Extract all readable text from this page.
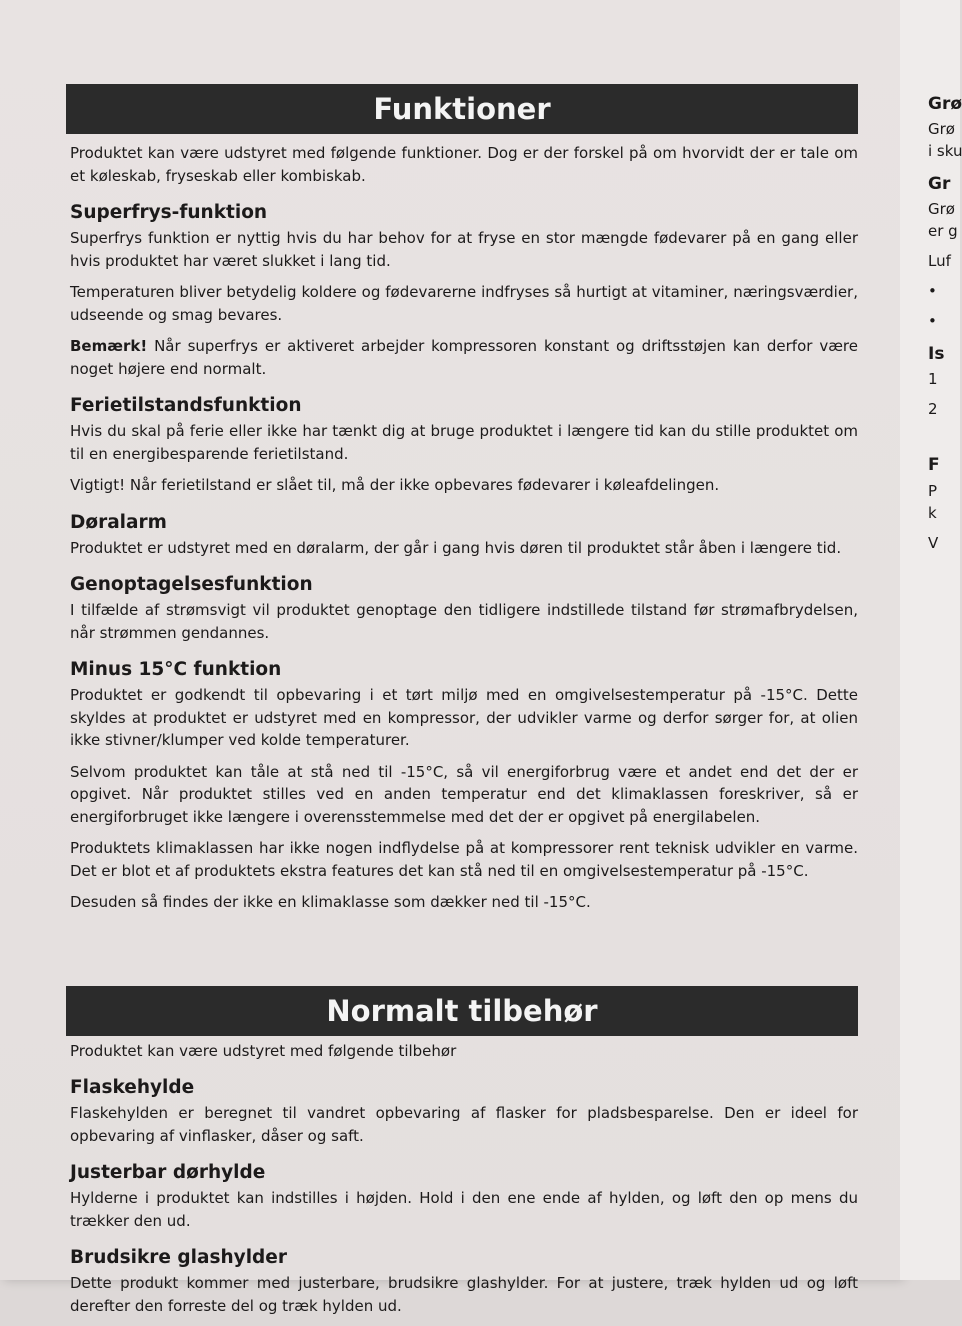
Funktioner

Produktet kan være udstyret med følgende funktioner. Dog er der forskel på om hvorvidt der er tale om et køleskab, fryseskab eller kombiskab.

Superfrys-funktion

Superfrys funktion er nyttig hvis du har behov for at fryse en stor mængde fødevarer på en gang eller hvis produktet har været slukket i lang tid.

Temperaturen bliver betydelig koldere og fødevarerne indfryses så hurtigt at vitaminer, næringsværdier, udseende og smag bevares.

Bemærk! Når superfrys er aktiveret arbejder kompressoren konstant og driftsstøjen kan derfor være noget højere end normalt.

Ferietilstandsfunktion

Hvis du skal på ferie eller ikke har tænkt dig at bruge produktet i længere tid kan du stille produktet om til en energibesparende ferietilstand.

Vigtigt! Når ferietilstand er slået til, må der ikke opbevares fødevarer i køleafdelingen.

Døralarm

Produktet er udstyret med en døralarm, der går i gang hvis døren til produktet står åben i længere tid.

Genoptagelsesfunktion

I tilfælde af strømsvigt vil produktet genoptage den tidligere indstillede tilstand før strømafbrydelsen, når strømmen gendannes.

Minus 15°C funktion

Produktet er godkendt til opbevaring i et tørt miljø med en omgivelsestemperatur på -15°C. Dette skyldes at produktet er udstyret med en kompressor, der udvikler varme og derfor sørger for, at olien ikke stivner/klumper ved kolde temperaturer.

Selvom produktet kan tåle at stå ned til -15°C, så vil energiforbrug være et andet end det der er opgivet. Når produktet stilles ved en anden temperatur end det klimaklassen foreskriver, så er energiforbruget ikke længere i overensstemmelse med det der er opgivet på energilabelen.

Produktets klimaklassen har ikke nogen indflydelse på at kompressorer rent teknisk udvikler en varme. Det er blot et af produktets ekstra features det kan stå ned til en omgivelsestemperatur på -15°C.

Desuden så findes der ikke en klimaklasse som dækker ned til -15°C.

Normalt tilbehør

Produktet kan være udstyret med følgende tilbehør

Flaskehylde

Flaskehylden er beregnet til vandret opbevaring af flasker for pladsbesparelse. Den er ideel for opbevaring af vinflasker, dåser og saft.

Justerbar dørhylde

Hylderne i produktet kan indstilles i højden. Hold i den ene ende af hylden, og løft den op mens du trækker den ud.

Brudsikre glashylder

Dette produkt kommer med justerbare, brudsikre glashylder. For at justere, træk hylden ud og løft derefter den forreste del og træk hylden ud.

Grø
Grø
i sku
Gr
Grø
er g
Luf
•
•
Is
1
2
F
P
k
V
